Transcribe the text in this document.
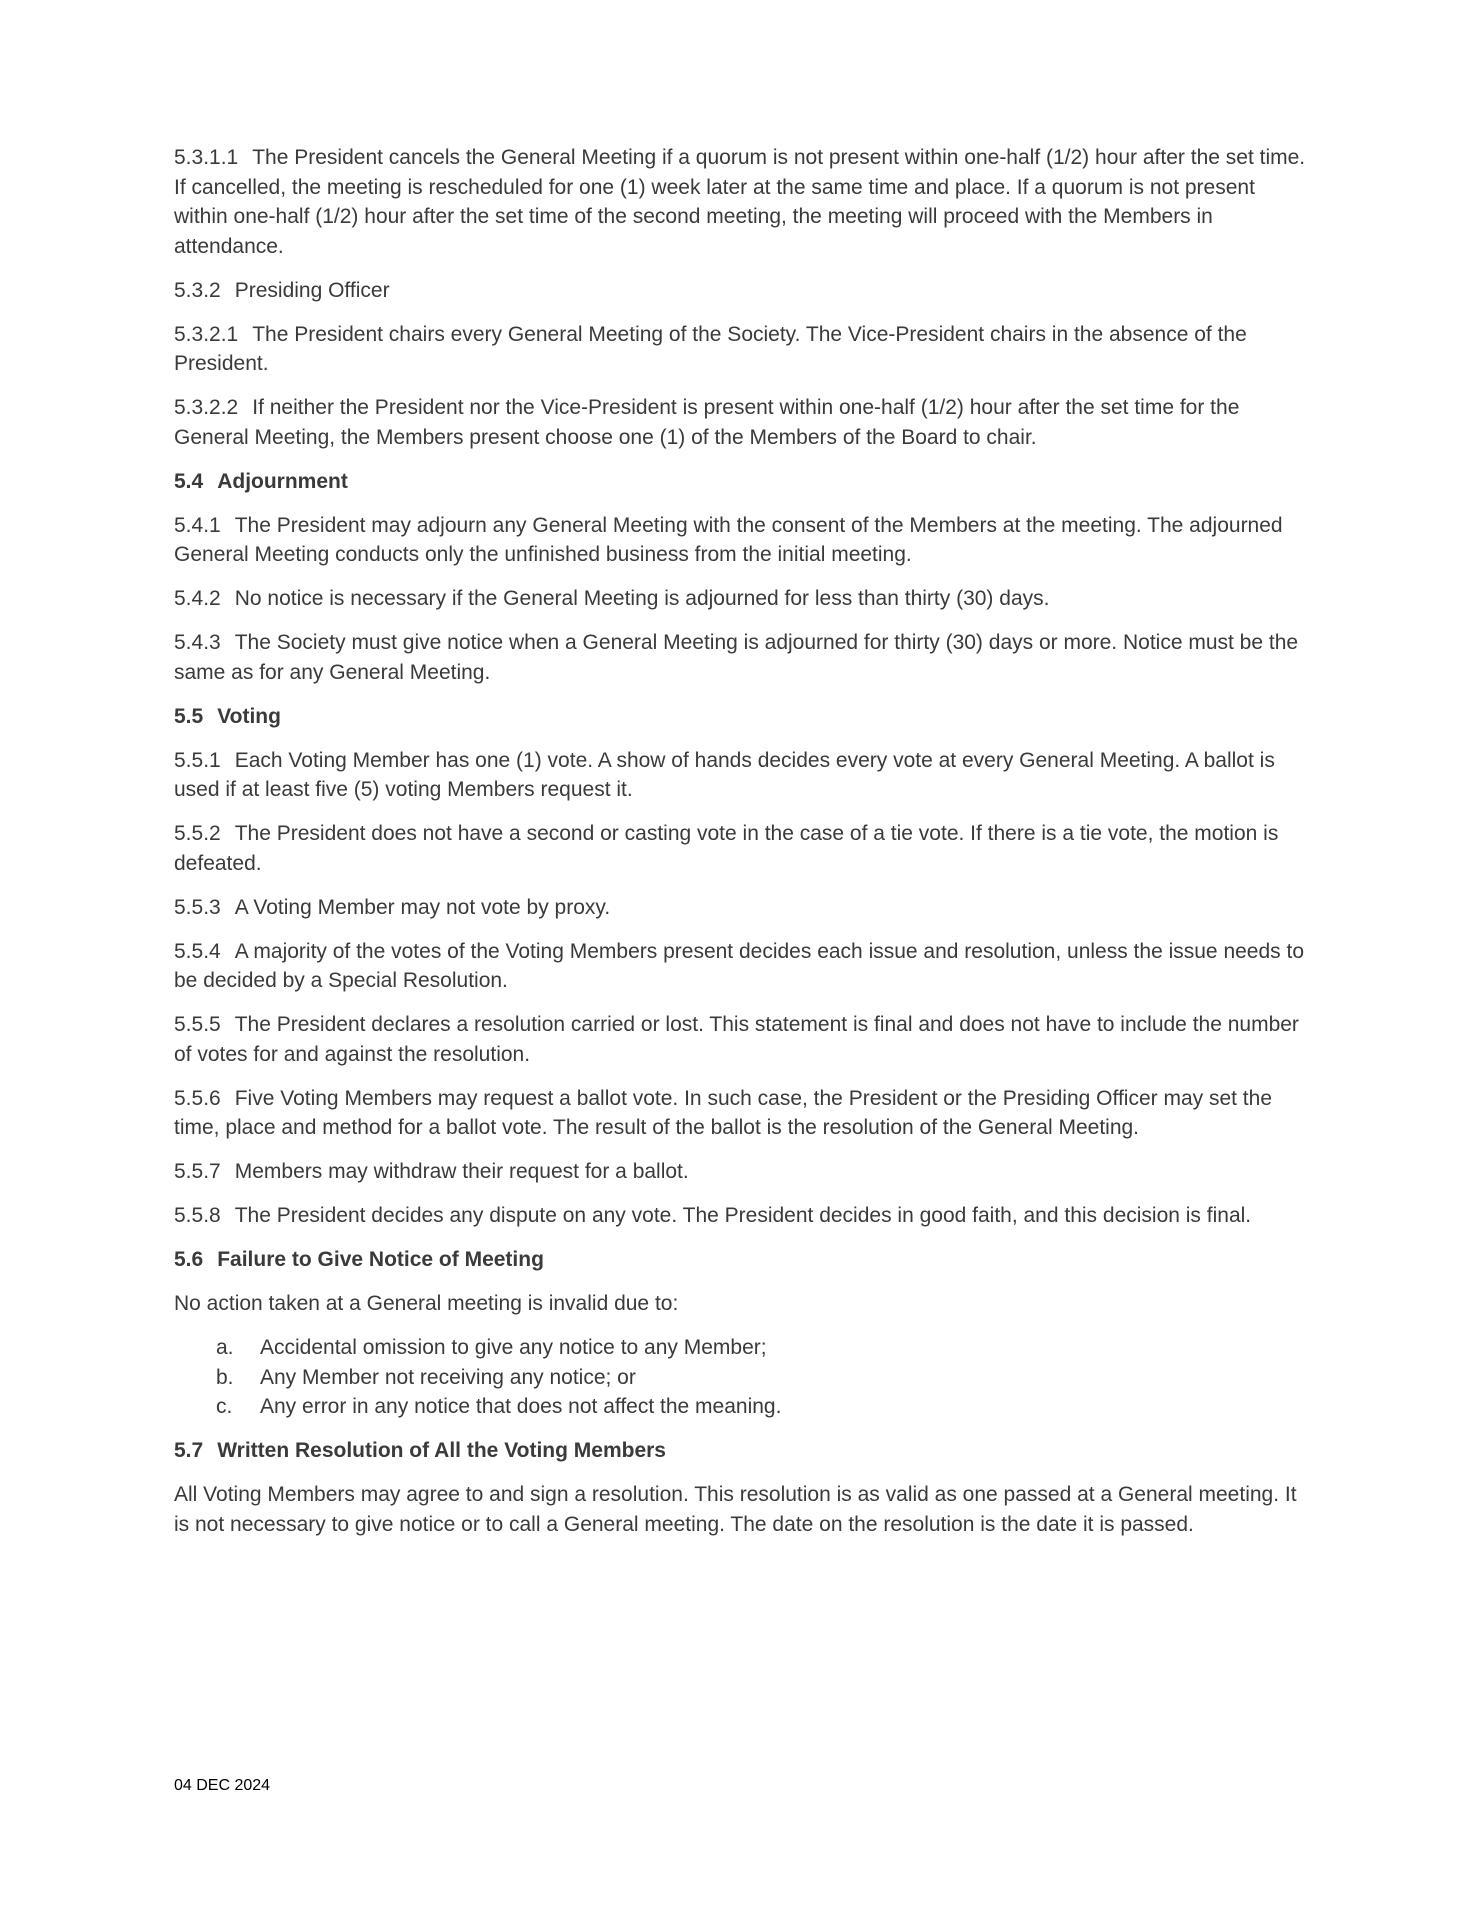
5.3.1.1 The President cancels the General Meeting if a quorum is not present within one-half (1/2) hour after the set time. If cancelled, the meeting is rescheduled for one (1) week later at the same time and place. If a quorum is not present within one-half (1/2) hour after the set time of the second meeting, the meeting will proceed with the Members in attendance.

5.3.2 Presiding Officer

5.3.2.1 The President chairs every General Meeting of the Society. The Vice-President chairs in the absence of the President.

5.3.2.2 If neither the President nor the Vice-President is present within one-half (1/2) hour after the set time for the General Meeting, the Members present choose one (1) of the Members of the Board to chair.

5.4 Adjournment

5.4.1 The President may adjourn any General Meeting with the consent of the Members at the meeting. The adjourned General Meeting conducts only the unfinished business from the initial meeting.

5.4.2 No notice is necessary if the General Meeting is adjourned for less than thirty (30) days.

5.4.3 The Society must give notice when a General Meeting is adjourned for thirty (30) days or more. Notice must be the same as for any General Meeting.

5.5 Voting

5.5.1 Each Voting Member has one (1) vote. A show of hands decides every vote at every General Meeting. A ballot is used if at least five (5) voting Members request it.

5.5.2 The President does not have a second or casting vote in the case of a tie vote. If there is a tie vote, the motion is defeated.

5.5.3 A Voting Member may not vote by proxy.

5.5.4 A majority of the votes of the Voting Members present decides each issue and resolution, unless the issue needs to be decided by a Special Resolution.

5.5.5 The President declares a resolution carried or lost. This statement is final and does not have to include the number of votes for and against the resolution.

5.5.6 Five Voting Members may request a ballot vote. In such case, the President or the Presiding Officer may set the time, place and method for a ballot vote. The result of the ballot is the resolution of the General Meeting.

5.5.7 Members may withdraw their request for a ballot.

5.5.8 The President decides any dispute on any vote. The President decides in good faith, and this decision is final.

5.6 Failure to Give Notice of Meeting

No action taken at a General meeting is invalid due to:

a.	Accidental omission to give any notice to any Member;
b.	Any Member not receiving any notice; or
c.	Any error in any notice that does not affect the meaning.

5.7 Written Resolution of All the Voting Members

All Voting Members may agree to and sign a resolution. This resolution is as valid as one passed at a General meeting. It is not necessary to give notice or to call a General meeting. The date on the resolution is the date it is passed.

04 DEC 2024
